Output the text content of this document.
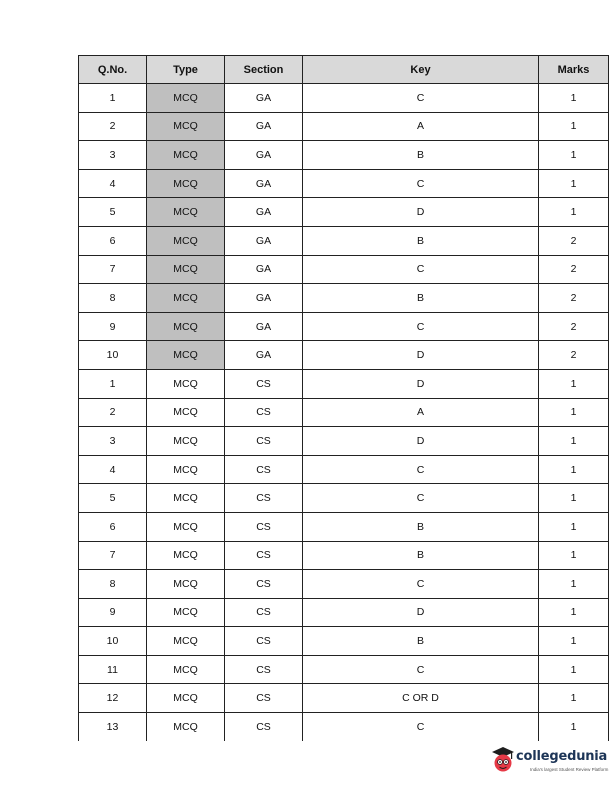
Q.No.	Type	Section	Key	Marks
1	MCQ	GA	C	1
2	MCQ	GA	A	1
3	MCQ	GA	B	1
4	MCQ	GA	C	1
5	MCQ	GA	D	1
6	MCQ	GA	B	2
7	MCQ	GA	C	2
8	MCQ	GA	B	2
9	MCQ	GA	C	2
10	MCQ	GA	D	2
1	MCQ	CS	D	1
2	MCQ	CS	A	1
3	MCQ	CS	D	1
4	MCQ	CS	C	1
5	MCQ	CS	C	1
6	MCQ	CS	B	1
7	MCQ	CS	B	1
8	MCQ	CS	C	1
9	MCQ	CS	D	1
10	MCQ	CS	B	1
11	MCQ	CS	C	1
12	MCQ	CS	C OR D	1
13	MCQ	CS	C	1
collegedunia
India's largest Student Review Platform
